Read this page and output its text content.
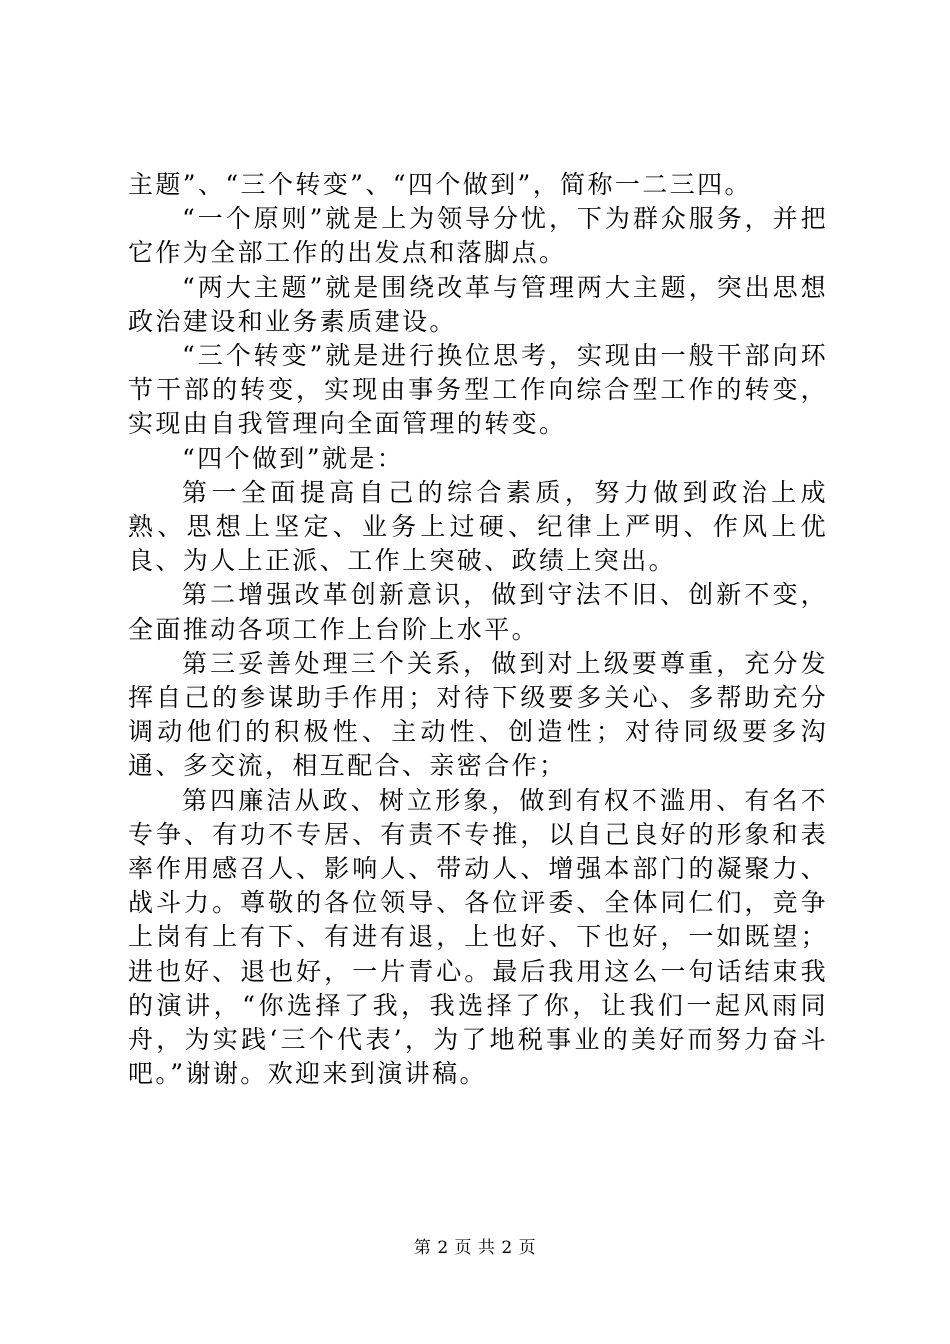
主题”、“三个转变”、“四个做到”，简称一二三四。

“一个原则”就是上为领导分忧，下为群众服务，并把它作为全部工作的出发点和落脚点。

“两大主题”就是围绕改革与管理两大主题，突出思想政治建设和业务素质建设。

“三个转变”就是进行换位思考，实现由一般干部向环节干部的转变，实现由事务型工作向综合型工作的转变，实现由自我管理向全面管理的转变。

“四个做到”就是：

第一全面提高自己的综合素质，努力做到政治上成熟、思想上坚定、业务上过硬、纪律上严明、作风上优良、为人上正派、工作上突破、政绩上突出。

第二增强改革创新意识，做到守法不旧、创新不变，全面推动各项工作上台阶上水平。

第三妥善处理三个关系，做到对上级要尊重，充分发挥自己的参谋助手作用；对待下级要多关心、多帮助充分调动他们的积极性、主动性、创造性；对待同级要多沟通、多交流，相互配合、亲密合作；

第四廉洁从政、树立形象，做到有权不滥用、有名不专争、有功不专居、有责不专推，以自己良好的形象和表率作用感召人、影响人、带动人、增强本部门的凝聚力、战斗力。尊敬的各位领导、各位评委、全体同仁们，竞争上岗有上有下、有进有退，上也好、下也好，一如既望；进也好、退也好，一片青心。最后我用这么一句话结束我的演讲，“你选择了我，我选择了你，让我们一起风雨同舟，为实践‘三个代表’，为了地税事业的美好而努力奋斗吧。”谢谢。欢迎来到演讲稿。

第 2 页 共 2 页
